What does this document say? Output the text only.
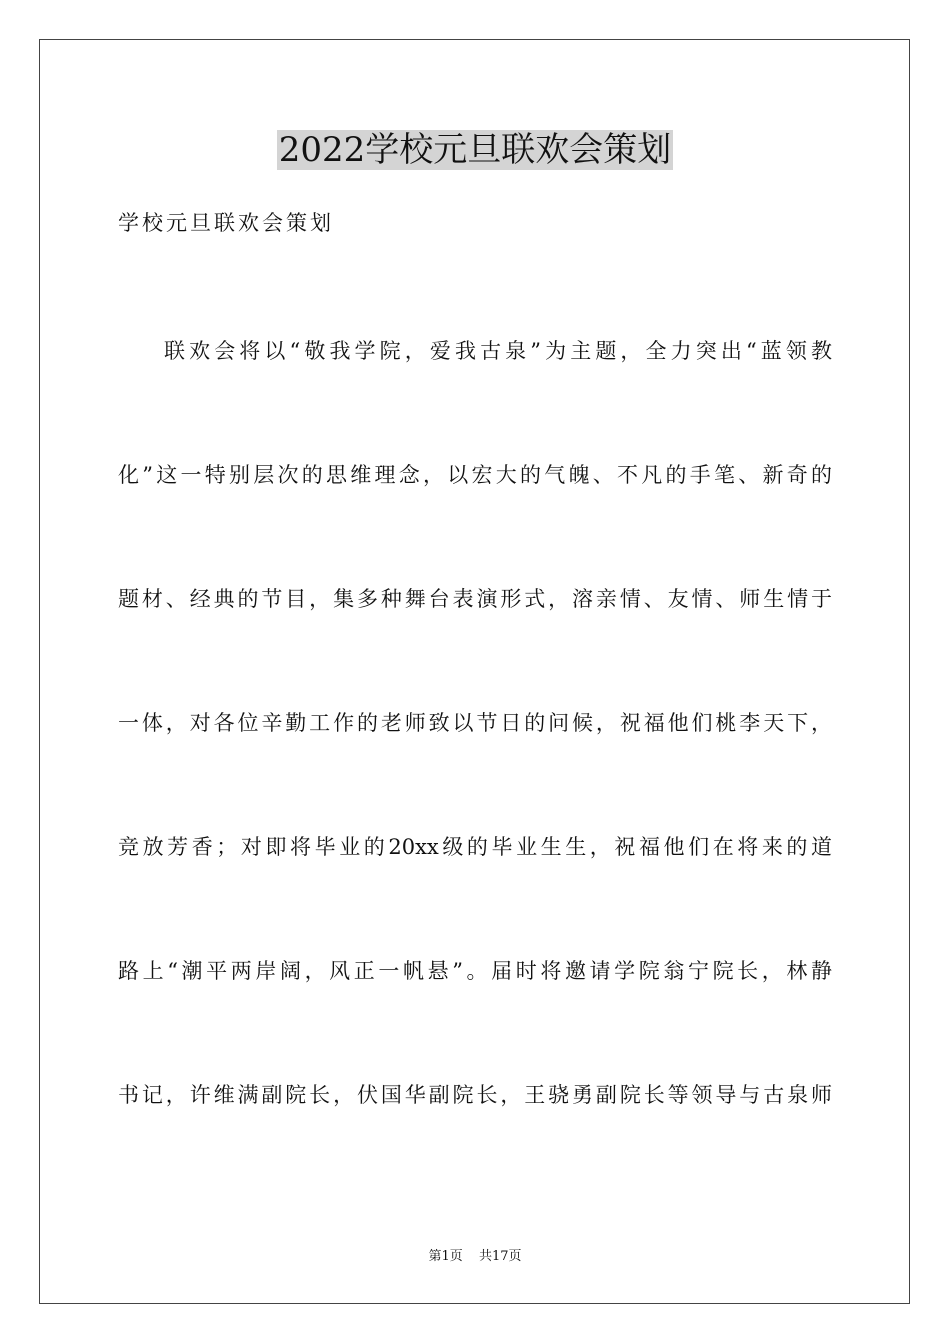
2022学校元旦联欢会策划
学校元旦联欢会策划
联欢会将以“敬我学院，爱我古泉”为主题，全力突出“蓝领教
化”这一特别层次的思维理念，以宏大的气魄、不凡的手笔、新奇的
题材、经典的节目，集多种舞台表演形式，溶亲情、友情、师生情于
一体，对各位辛勤工作的老师致以节日的问候，祝福他们桃李天下，
竞放芳香；对即将毕业的20xx级的毕业生生，祝福他们在将来的道
路上“潮平两岸阔，风正一帆悬”。届时将邀请学院翁宁院长，林静
书记，许维满副院长，伏国华副院长，王骁勇副院长等领导与古泉师
第1页 共17页
